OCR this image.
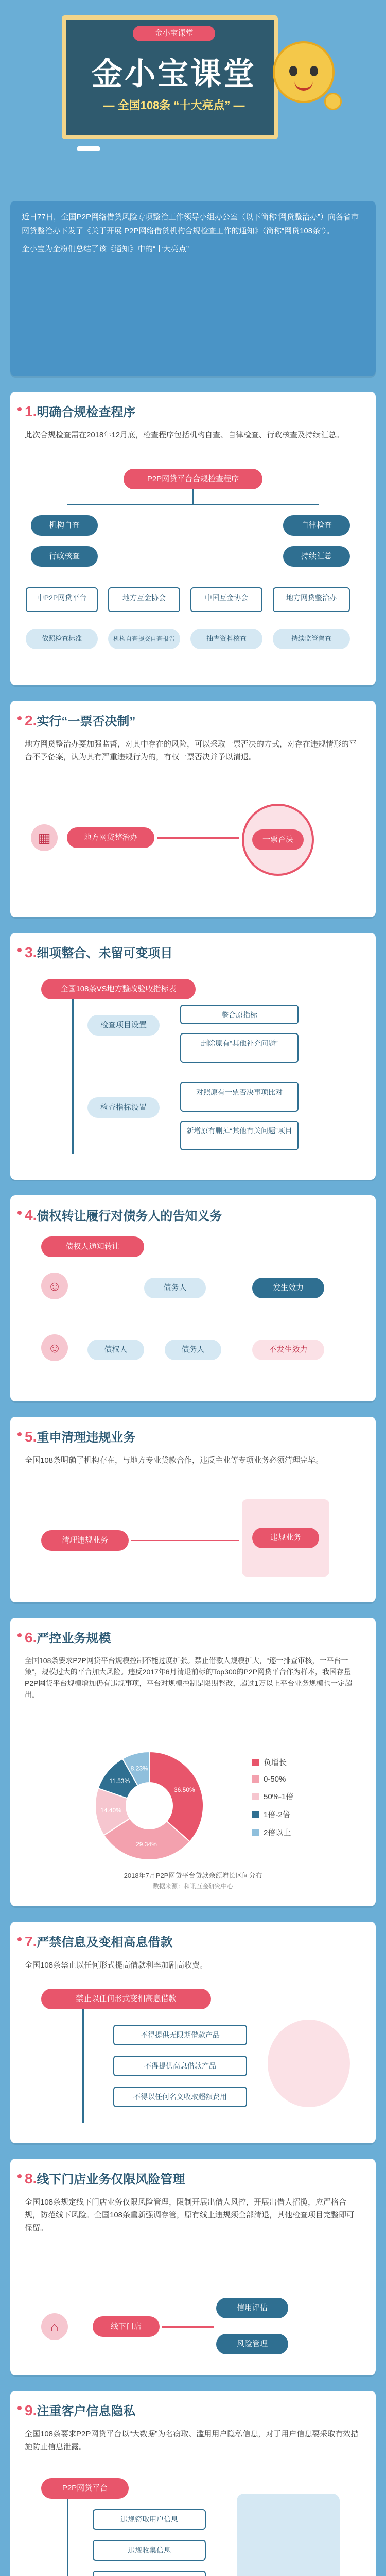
金小宝课堂
金小宝课堂
— 全国108条 “十大亮点” —

近日77日，全国P2P网络借贷风险专项整治工作领导小组办公室（以下简称“网贷整治办”）向各省市网贷整治办下发了《关于开展 P2P网络借贷机构合规检查工作的通知》（简称“网贷108条”）。

金小宝为金粉们总结了该《通知》中的“十大亮点”

1.明确合规检查程序
此次合规检查需在2018年12月底，检查程序包括机构自查、自律检查、行政核查及持续汇总。
P2P网贷平台合规检查程序
机构自查	自律检查
行政核查	持续汇总
中P2P网贷平台	地方互金协会	中国互金协会	地方网贷整治办
依照检查标准	机构自查提交自查报告	抽查资料核查	持续监管督查
2.实行“一票否决制”
地方网贷整治办要加强监督，对其中存在的风险，可以采取一票否决的方式，对存在违规情形的平台不予备案，认为其有严重违规行为的，有权一票否决并予以清退。
▦	地方网贷整治办	一票否决
3.细项整合、未留可变项目
全国108条VS地方整改验收指标表
检查项目设置
检查指标设置
整合原指标
删除原有“其他补充问题”
对照原有一票否决事项比对
新增原有删掉“其他有关问题”项目
4.债权转让履行对债务人的告知义务
债权人通知转让
☺	债务人	发生效力
☺	债权人	债务人	不发生效力
5.重申清理违规业务
全国108条明确了机构存在，与地方专业贷款合作，违反主业等专项业务必须清理完毕。
清理违规业务	违规业务
6.严控业务规模
全国108条要求P2P网贷平台规模控制不能过度扩张。禁止借款人规模扩大，“逐一排查审核，一平台一策”，规模过大的平台加大风险。违反2017年6月清退前标的Top300的P2P网贷平台作为样本，我国存量P2P网贷平台规模增加仍有违规事项，平台对规模控制是限期整改，超过1万以上平台业务规模也一定超出。
36.50%
29.34%
14.40%
11.53%
8.23%
负增长
0-50%
50%-1倍
1倍-2倍
2倍以上
2018年7月P2P网贷平台贷款余额增长区间分布
数据来源：和讯互金研究中心
7.严禁信息及变相高息借款
全国108条禁止以任何形式提高借款利率加剧高收费。
禁止以任何形式变相高息借款
不得提供无限期借款产品
不得提供高息借款产品
不得以任何名义收取超额费用
8.线下门店业务仅限风险管理
全国108条规定线下门店业务仅限风险管理，限制开展出借人风控，开展出借人招揽，应严格合规，防范线下风险。全国108条重新强调存管，原有线上违规须全部清退，其他检查项目完整即可保留。
⌂	线下门店
信用评估
风险管理
9.注重客户信息隐私
全国108条要求P2P网贷平台以“大数据”为名窃取、滥用用户隐私信息，对于用户信息要采取有效措施防止信息泄露。
P2P网贷平台
违规窃取用户信息
违规收集信息
